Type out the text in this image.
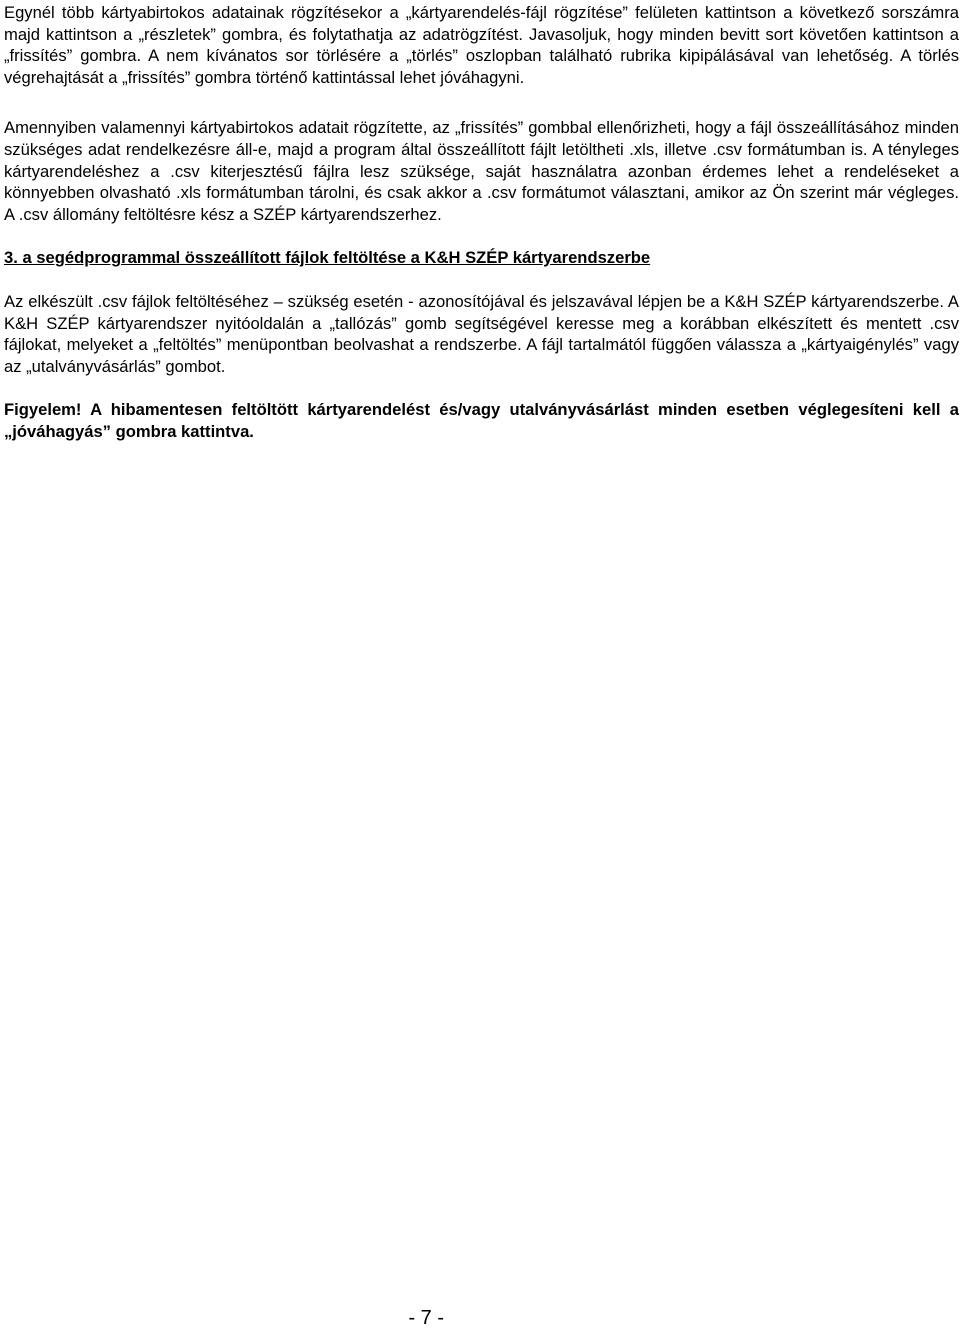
Egynél több kártyabirtokos adatainak rögzítésekor a „kártyarendelés-fájl rögzítése” felületen kattintson a következő sorszámra majd kattintson a „részletek” gombra, és folytathatja az adatrögzítést. Javasoljuk, hogy minden bevitt sort követően kattintson a „frissítés” gombra. A nem kívánatos sor törlésére a „törlés” oszlopban található rubrika kipipálásával van lehetőség. A törlés végrehajtását a „frissítés” gombra történő kattintással lehet jóváhagyni.

Amennyiben valamennyi kártyabirtokos adatait rögzítette, az „frissítés” gombbal ellenőrizheti, hogy a fájl összeállításához minden szükséges adat rendelkezésre áll-e, majd a program által összeállított fájlt letöltheti .xls, illetve .csv formátumban is. A tényleges kártyarendeléshez a .csv kiterjesztésű fájlra lesz szüksége, saját használatra azonban érdemes lehet a rendeléseket a könnyebben olvasható .xls formátumban tárolni, és csak akkor a .csv formátumot választani, amikor az Ön szerint már végleges. A .csv állomány feltöltésre kész a SZÉP kártyarendszerhez.

3. a segédprogrammal összeállított fájlok feltöltése a K&H SZÉP kártyarendszerbe

Az elkészült .csv fájlok feltöltéséhez – szükség esetén - azonosítójával és jelszavával lépjen be a K&H SZÉP kártyarendszerbe. A K&H SZÉP kártyarendszer nyitóoldalán a „tallózás” gomb segítségével keresse meg a korábban elkészített és mentett .csv fájlokat, melyeket a „feltöltés” menüpontban beolvashat a rendszerbe. A fájl tartalmától függően válassza a „kártyaigénylés” vagy az „utalványvásárlás” gombot.

Figyelem! A hibamentesen feltöltött kártyarendelést és/vagy utalványvásárlást minden esetben véglegesíteni kell a „jóváhagyás” gombra kattintva.

- 7 -
